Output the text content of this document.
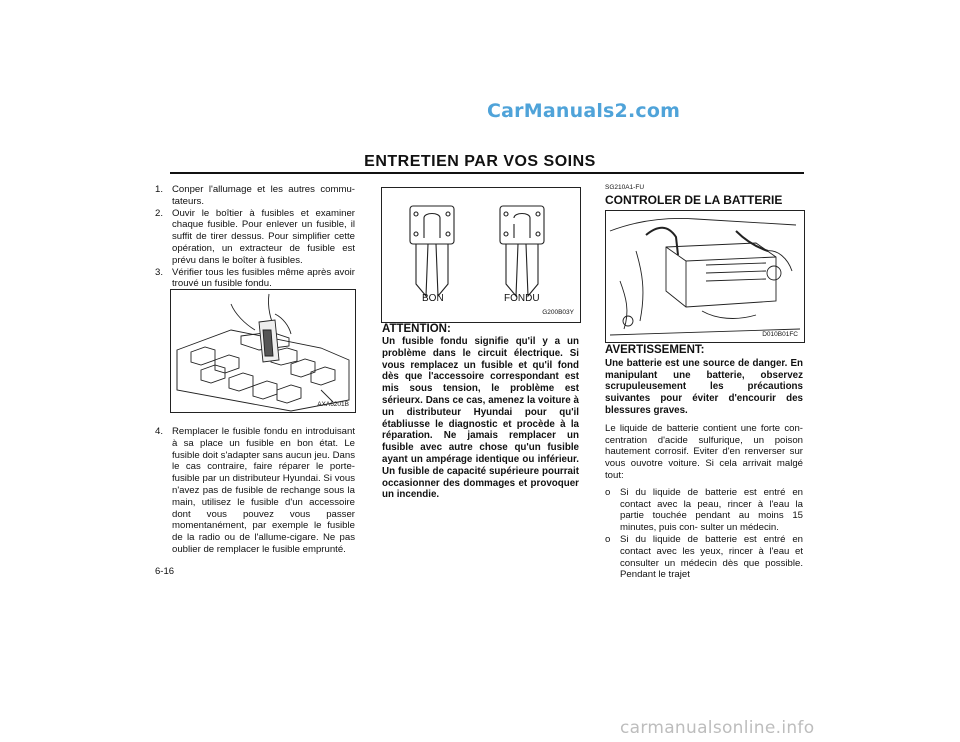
CarManuals2.com
ENTRETIEN PAR VOS SOINS
1. Conper l'allumage et les autres commu- tateurs.
2. Ouvir le boîtier à fusibles et examiner chaque fusible. Pour enlever un fusible, il suffit de tirer dessus. Pour simplifier cette opération, un extracteur de fusible est prévu dans le boîter à fusibles.
3. Vérifier tous les fusibles même après avoir trouvé un fusible fondu.
AXA6201B
4. Remplacer le fusible fondu en introduisant à sa place un fusible en bon état. Le fusible doit s'adapter sans aucun jeu. Dans le cas contraire, faire réparer le porte-fusible par un distributeur Hyundai. Si vous n'avez pas de fusible de rechange sous la main, utilisez le fusible d'un accessoire dont vous pouvez vous passer momentanément, par exemple le fusible de la radio ou de l'allume-cigare. Ne pas oublier de remplacer le fusible emprunté.
BON	FONDU
G200B03Y
ATTENTION:
Un fusible fondu signifie qu'il y a un problème dans le circuit électrique. Si vous remplacez un fusible et qu'il fond dès que l'accessoire correspondant est mis sous tension, le problème est sérieurx. Dans ce cas, amenez la voiture à un distributeur Hyundai pour qu'il établiusse le diagnostic et procède à la réparation. Ne jamais remplacer un fusible avec autre chose qu'un fusible ayant un ampérage identique ou inférieur. Un fusible de capacité supérieure pourrait occasionner des dommages et provoquer un incendie.
SG210A1-FU
CONTROLER DE LA BATTERIE
D010B01FC
AVERTISSEMENT:
Une batterie est une source de danger. En manipulant une batterie, observez scrupuleusement les précautions suivantes pour éviter d'encourir des blessures graves.
Le liquide de batterie contient une forte con- centration d'acide sulfurique, un poison hautement corrosif. Eviter d'en renverser sur vous ouvotre voiture. Si cela arrivait malgé tout:
o Si du liquide de batterie est entré en contact avec la peau, rincer à l'eau la partie touchée pendant au moins 15 minutes, puis con- sulter un médecin.
o Si du liquide de batterie est entré en contact avec les yeux, rincer à l'eau et consulter un médecin dès que possible. Pendant le trajet
6-16
carmanualsonline.info
